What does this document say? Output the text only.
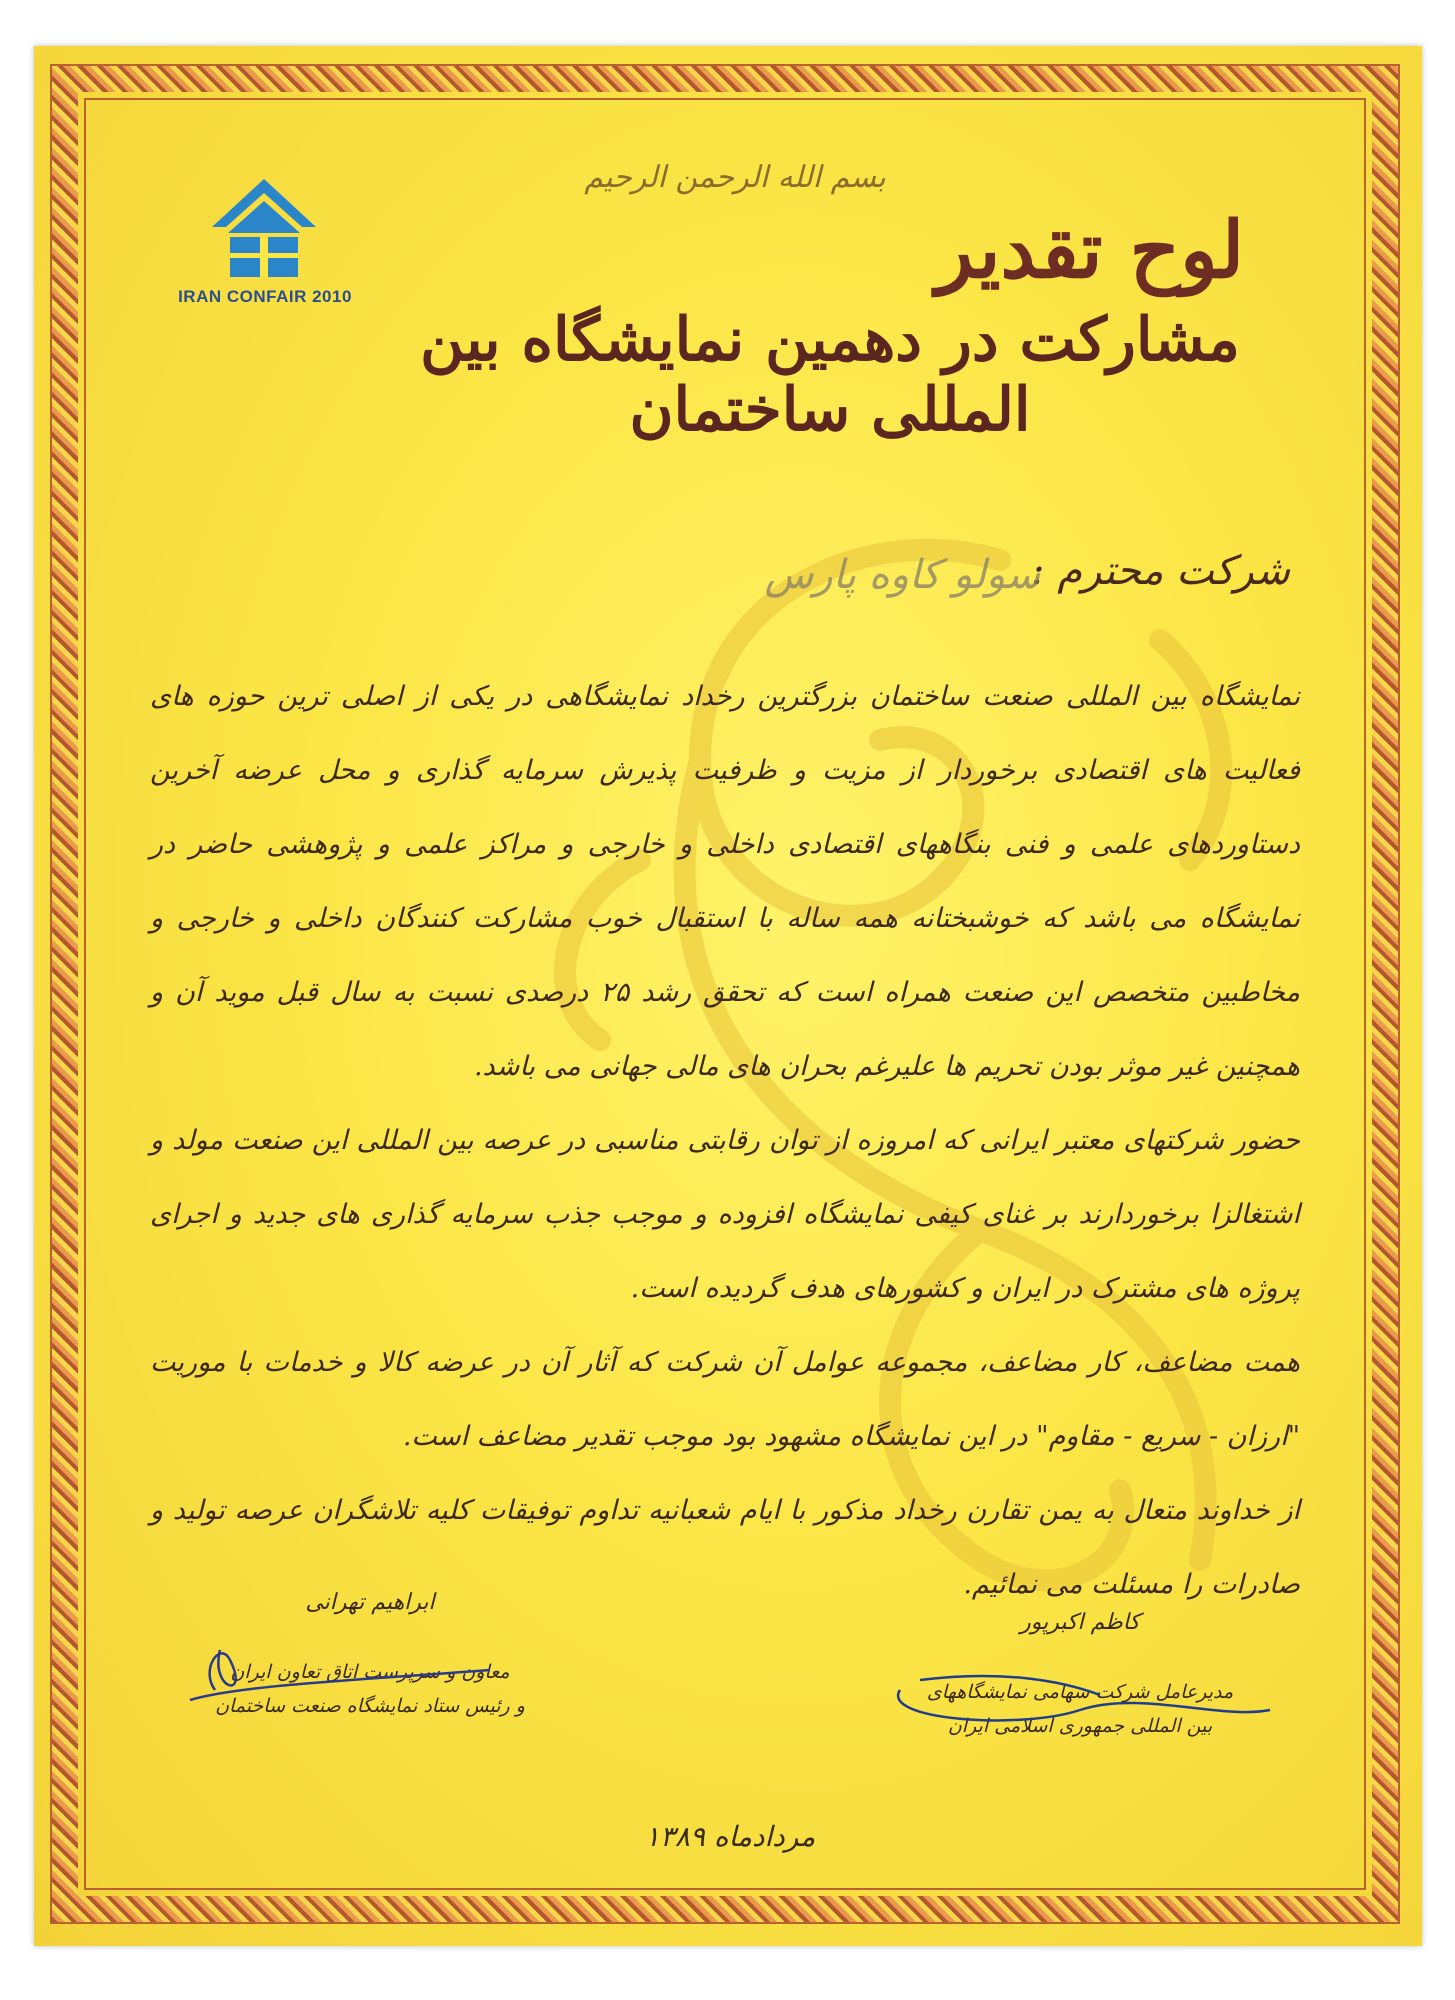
IRAN CONFAIR 2010
بسم الله الرحمن الرحیم
لوح تقدیر
مشارکت در دهمین نمایشگاه بین المللی ساختمان
شرکت محترم :
سولو کاوه پارس

نمایشگاه بین المللی صنعت ساختمان بزرگترین رخداد نمایشگاهی در یکی از اصلی ترین حوزه های فعالیت های اقتصادی برخوردار از مزیت و ظرفیت پذیرش سرمایه گذاری و محل عرضه آخرین دستاوردهای علمی و فنی بنگاههای اقتصادی داخلی و خارجی و مراکز علمی و پژوهشی حاضر در نمایشگاه می باشد که خوشبختانه همه ساله با استقبال خوب مشارکت کنندگان داخلی و خارجی و مخاطبین متخصص این صنعت همراه است که تحقق رشد ۲۵ درصدی نسبت به سال قبل موید آن و همچنین غیر موثر بودن تحریم ها علیرغم بحران های مالی جهانی می باشد.

حضور شرکتهای معتبر ایرانی که امروزه از توان رقابتی مناسبی در عرصه بین المللی این صنعت مولد و اشتغالزا برخوردارند بر غنای کیفی نمایشگاه افزوده و موجب جذب سرمایه گذاری های جدید و اجرای پروژه های مشترک در ایران و کشورهای هدف گردیده است.

همت مضاعف، کار مضاعف، مجموعه عوامل آن شرکت که آثار آن در عرضه کالا و خدمات با موریت "ارزان - سریع - مقاوم" در این نمایشگاه مشهود بود موجب تقدیر مضاعف است.

از خداوند متعال به یمن تقارن رخداد مذکور با ایام شعبانیه تداوم توفیقات کلیه تلاشگران عرصه تولید و صادرات را مسئلت می نمائیم.

ابراهیم تهرانی
معاون و سرپرست اتاق تعاون ایران
و رئیس ستاد نمایشگاه صنعت ساختمان
کاظم اکبرپور
مدیرعامل شرکت سهامی نمایشگاههای
بین المللی جمهوری اسلامی ایران
مردادماه ۱۳۸۹
